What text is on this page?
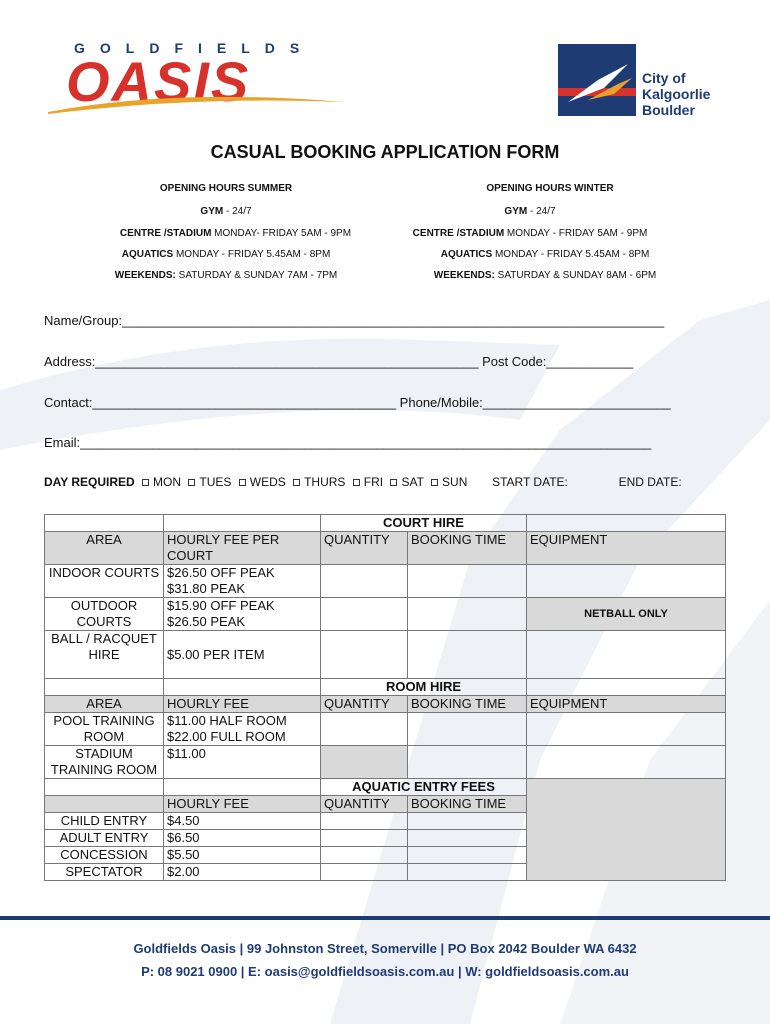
GOLDFIELDS
OASIS	City of
Kalgoorlie
Boulder
CASUAL BOOKING APPLICATION FORM
OPENING HOURS SUMMER
GYM - 24/7
CENTRE /STADIUM MONDAY- FRIDAY 5AM - 9PM
AQUATICS MONDAY - FRIDAY 5.45AM - 8PM
WEEKENDS: SATURDAY & SUNDAY 7AM - 7PM
OPENING HOURS WINTER
GYM - 24/7
CENTRE /STADIUM MONDAY - FRIDAY 5AM - 9PM
AQUATICS MONDAY - FRIDAY 5.45AM - 8PM
WEEKENDS: SATURDAY & SUNDAY 8AM - 6PM
Name/Group:___________________________________________________________________________
Address:_____________________________________________________ Post Code:____________
Contact:__________________________________________ Phone/Mobile:__________________________
Email:_______________________________________________________________________________
DAY REQUIRED MON TUES WEDS THURS FRI SAT SUN START DATE:	END DATE:
		COURT HIRE		
AREA	HOURLY FEE PER COURT	QUANTITY	BOOKING TIME	EQUIPMENT
INDOOR COURTS	$26.50 OFF PEAK $31.80 PEAK			
OUTDOOR COURTS	$15.90 OFF PEAK $26.50 PEAK			NETBALL ONLY
BALL / RACQUET HIRE	$5.00 PER ITEM			
		ROOM HIRE		
AREA	HOURLY FEE	QUANTITY	BOOKING TIME	EQUIPMENT
POOL TRAINING ROOM	$11.00 HALF ROOM $22.00 FULL ROOM			
STADIUM TRAINING ROOM	$11.00			
		AQUATIC ENTRY FEES		
	HOURLY FEE	QUANTITY	BOOKING TIME	
CHILD ENTRY	$4.50			
ADULT ENTRY	$6.50			
CONCESSION	$5.50			
SPECTATOR	$2.00			
Goldfields Oasis | 99 Johnston Street, Somerville | PO Box 2042 Boulder WA 6432
P: 08 9021 0900 | E: oasis@goldfieldsoasis.com.au | W: goldfieldsoasis.com.au
